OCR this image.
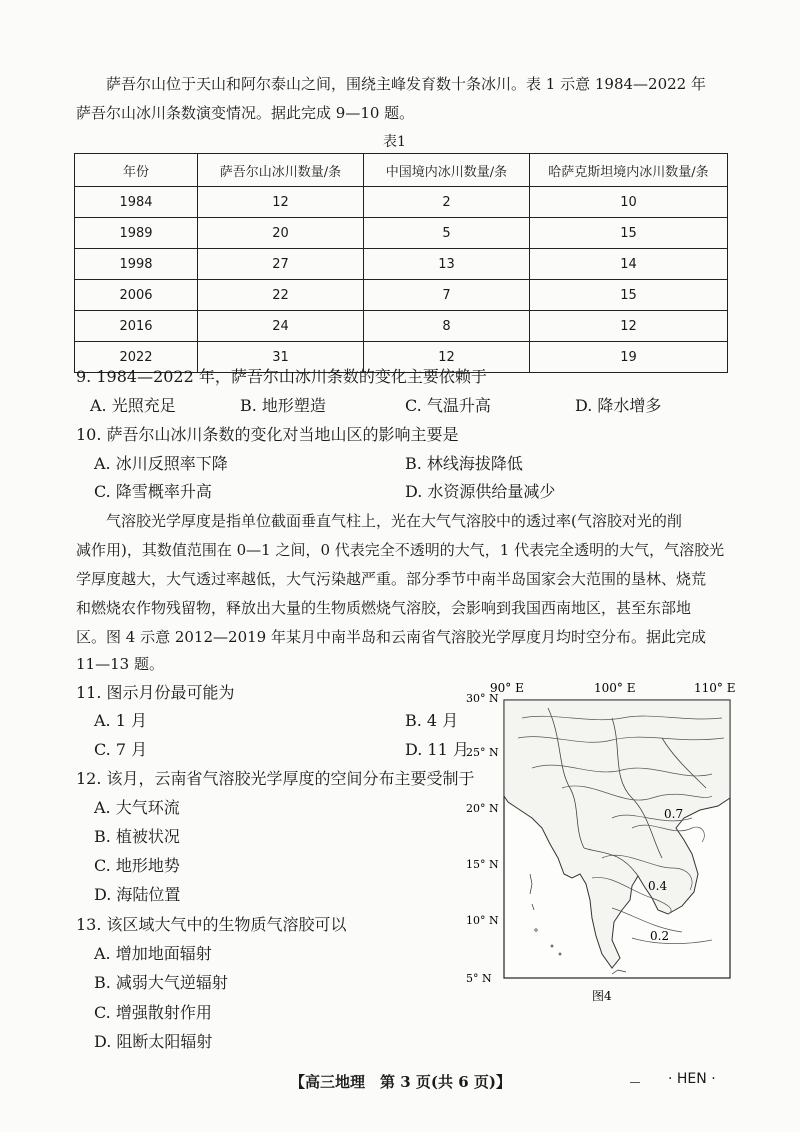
萨吾尔山位于天山和阿尔泰山之间，围绕主峰发育数十条冰川。表 1 示意 1984—2022 年
萨吾尔山冰川条数演变情况。据此完成 9—10 题。
表1
年份	萨吾尔山冰川数量/条	中国境内冰川数量/条	哈萨克斯坦境内冰川数量/条
1984	12	2	10
1989	20	5	15
1998	27	13	14
2006	22	7	15
2016	24	8	12
2022	31	12	19
9. 1984—2022 年，萨吾尔山冰川条数的变化主要依赖于
A. 光照充足	B. 地形塑造	C. 气温升高	D. 降水增多
10. 萨吾尔山冰川条数的变化对当地山区的影响主要是
A. 冰川反照率下降	B. 林线海拔降低
C. 降雪概率升高	D. 水资源供给量减少
气溶胶光学厚度是指单位截面垂直气柱上，光在大气气溶胶中的透过率(气溶胶对光的削
减作用)，其数值范围在 0—1 之间，0 代表完全不透明的大气，1 代表完全透明的大气，气溶胶光
学厚度越大，大气透过率越低，大气污染越严重。部分季节中南半岛国家会大范围的垦林、烧荒
和燃烧农作物残留物，释放出大量的生物质燃烧气溶胶，会影响到我国西南地区，甚至东部地
区。图 4 示意 2012—2019 年某月中南半岛和云南省气溶胶光学厚度月均时空分布。据此完成
11—13 题。
11. 图示月份最可能为
A. 1 月	B. 4 月
C. 7 月	D. 11 月
12. 该月，云南省气溶胶光学厚度的空间分布主要受制于
A. 大气环流
B. 植被状况
C. 地形地势
D. 海陆位置
13. 该区域大气中的生物质气溶胶可以
A. 增加地面辐射
B. 减弱大气逆辐射
C. 增强散射作用
D. 阻断太阳辐射
90° E	100° E	110° E
30° N
25° N
20° N
15° N
10° N
5° N
0.7
0.4
0.2
图4
【高三地理　第 3 页(共 6 页)】	· HEN ·
